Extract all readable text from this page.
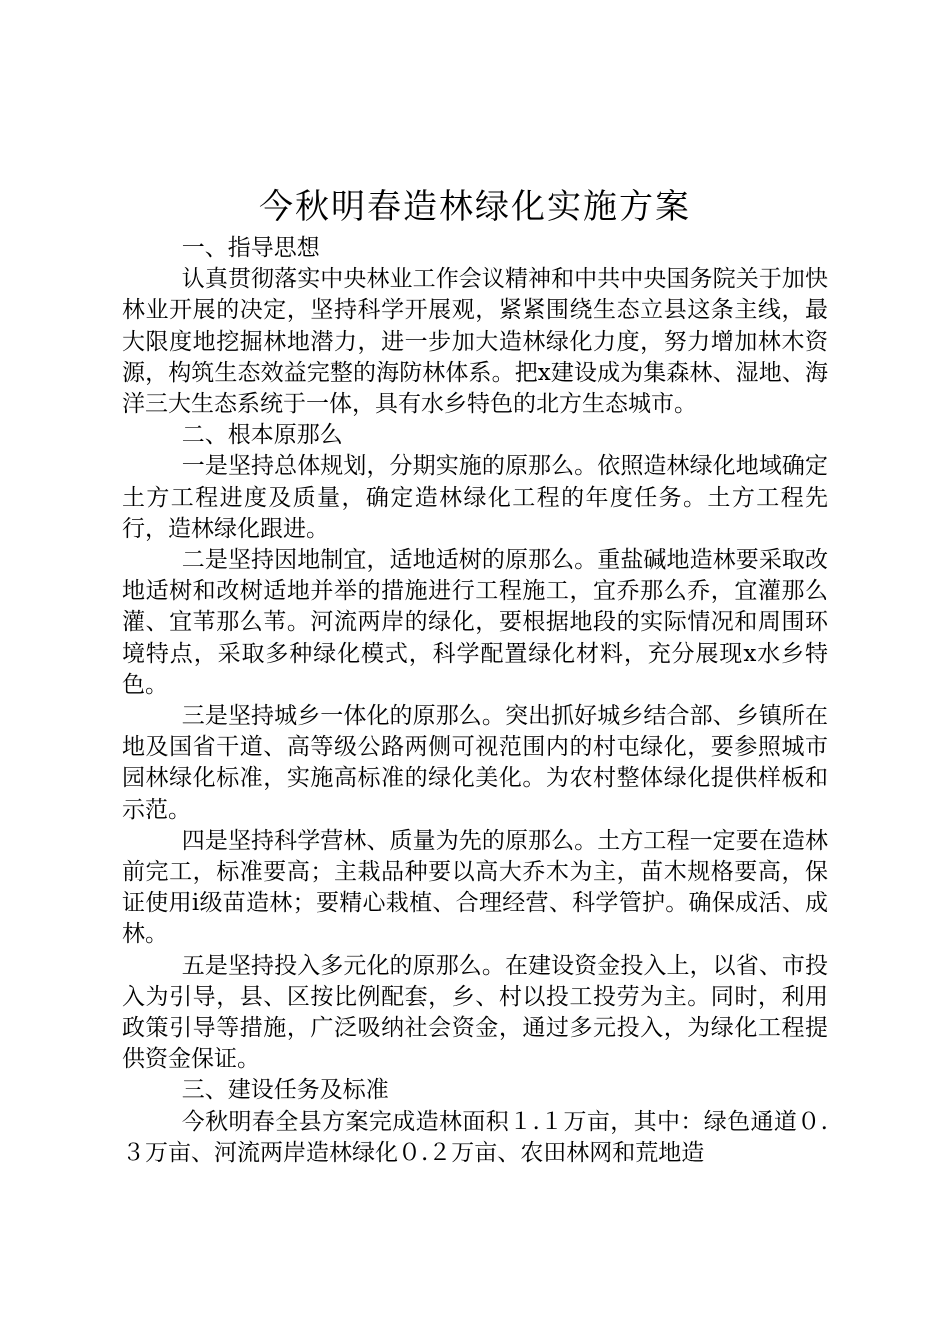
今秋明春造林绿化实施方案

一、指导思想

认真贯彻落实中央林业工作会议精神和中共中央国务院关于加快林业开展的决定，坚持科学开展观，紧紧围绕生态立县这条主线，最大限度地挖掘林地潜力，进一步加大造林绿化力度，努力增加林木资源，构筑生态效益完整的海防林体系。把x建设成为集森林、湿地、海洋三大生态系统于一体，具有水乡特色的北方生态城市。

二、根本原那么

一是坚持总体规划，分期实施的原那么。依照造林绿化地域确定土方工程进度及质量，确定造林绿化工程的年度任务。土方工程先行，造林绿化跟进。

二是坚持因地制宜，适地适树的原那么。重盐碱地造林要采取改地适树和改树适地并举的措施进行工程施工，宜乔那么乔，宜灌那么灌、宜苇那么苇。河流两岸的绿化，要根据地段的实际情况和周围环境特点，采取多种绿化模式，科学配置绿化材料，充分展现x水乡特色。

三是坚持城乡一体化的原那么。突出抓好城乡结合部、乡镇所在地及国省干道、高等级公路两侧可视范围内的村屯绿化，要参照城市园林绿化标准，实施高标准的绿化美化。为农村整体绿化提供样板和示范。

四是坚持科学营林、质量为先的原那么。土方工程一定要在造林前完工，标准要高；主栽品种要以高大乔木为主，苗木规格要高，保证使用ⅰ级苗造林；要精心栽植、合理经营、科学管护。确保成活、成林。

五是坚持投入多元化的原那么。在建设资金投入上，以省、市投入为引导，县、区按比例配套，乡、村以投工投劳为主。同时，利用政策引导等措施，广泛吸纳社会资金，通过多元投入，为绿化工程提供资金保证。

三、建设任务及标准

今秋明春全县方案完成造林面积１.１万亩，其中：绿色通道０.３万亩、河流两岸造林绿化０.２万亩、农田林网和荒地造
